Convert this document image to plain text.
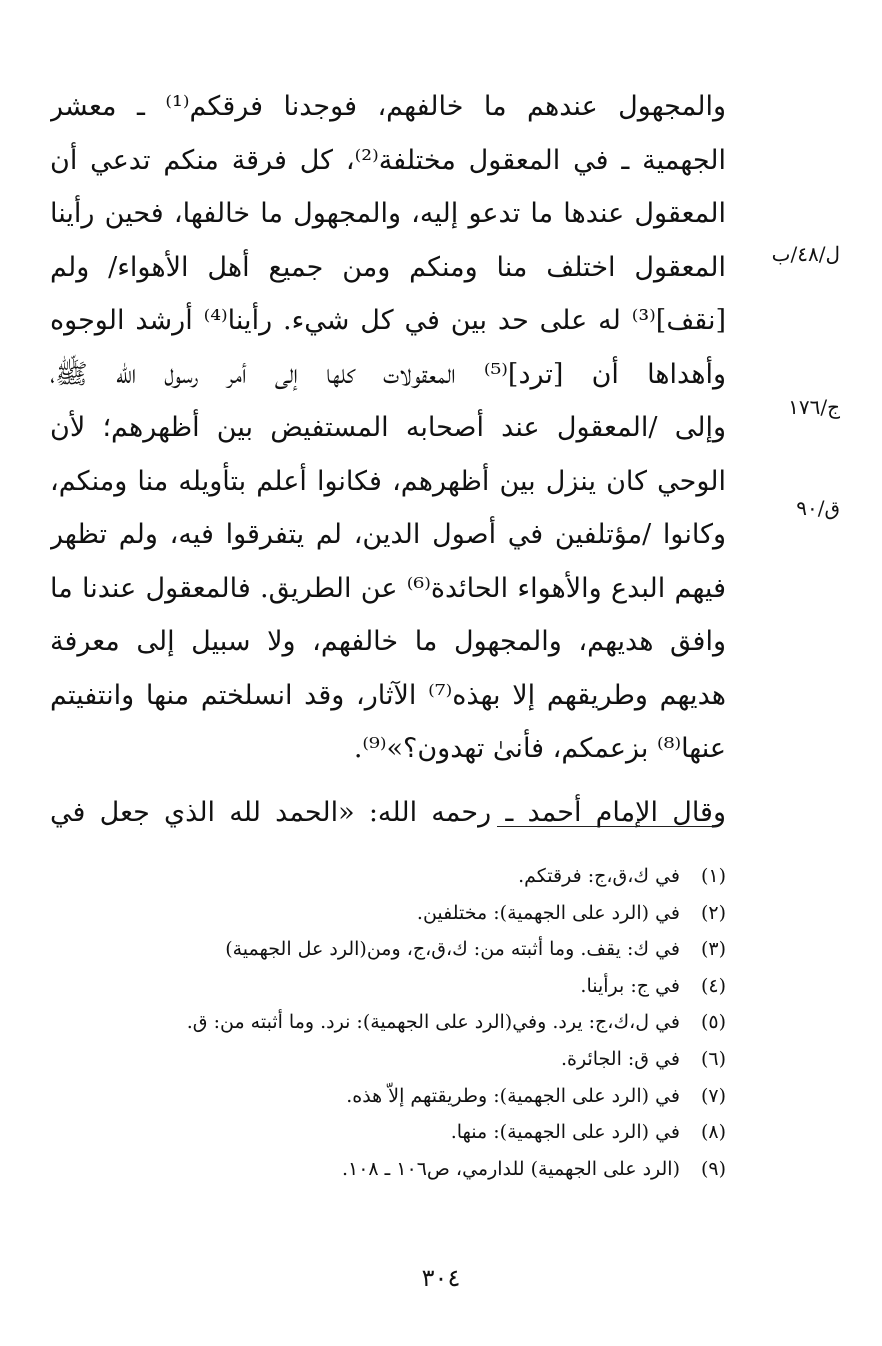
والمجهول عندهم ما خالفهم، فوجدنا فرقكم⁽¹⁾ ـ معشر
الجهمية ـ في المعقول مختلفة⁽²⁾، كل فرقة منكم تدعي أن
المعقول عندها ما تدعو إليه، والمجهول ما خالفها، فحين رأينا
المعقول اختلف منا ومنكم ومن جميع أهل الأهواء/ ولم
[نقف]⁽³⁾ له على حد بين في كل شيء. رأينا⁽⁴⁾ أرشد الوجوه
وأهداها أن [ترد]⁽⁵⁾ المعقولات كلها إلى أمر رسول الله ﷺ،
وإلى /المعقول عند أصحابه المستفيض بين أظهرهم؛ لأن
الوحي كان ينزل بين أظهرهم، فكانوا أعلم بتأويله منا ومنكم،
وكانوا /مؤتلفين في أصول الدين، لم يتفرقوا فيه، ولم تظهر
فيهم البدع والأهواء الحائدة⁽⁶⁾ عن الطريق. فالمعقول عندنا ما
وافق هديهم، والمجهول ما خالفهم، ولا سبيل إلى معرفة
هديهم وطريقهم إلا بهذه⁽⁷⁾ الآثار، وقد انسلختم منها وانتفيتم
عنها⁽⁸⁾ بزعمكم، فأنىٰ تهدون؟»⁽⁹⁾.
وقال الإمام أحمد ـ رحمه الله: «الحمد لله الذي جعل في
ل/٤٨/ب
ج/١٧٦
ق/٩٠
(١)في ك،ق،ج: فرقتكم.
(٢)في (الرد على الجهمية): مختلفين.
(٣)في ك: يقف. وما أثبته من: ك،ق،ج، ومن(الرد عل الجهمية)
(٤)في ج: برأينا.
(٥)في ل،ك،ج: يرد. وفي(الرد على الجهمية): نرد. وما أثبته من: ق.
(٦)في ق: الجائرة.
(٧)في (الرد على الجهمية): وطريقتهم إلاّ هذه.
(٨)في (الرد على الجهمية): منها.
(٩)(الرد على الجهمية) للدارمي، ص١٠٦ ـ ١٠٨.
٣٠٤
